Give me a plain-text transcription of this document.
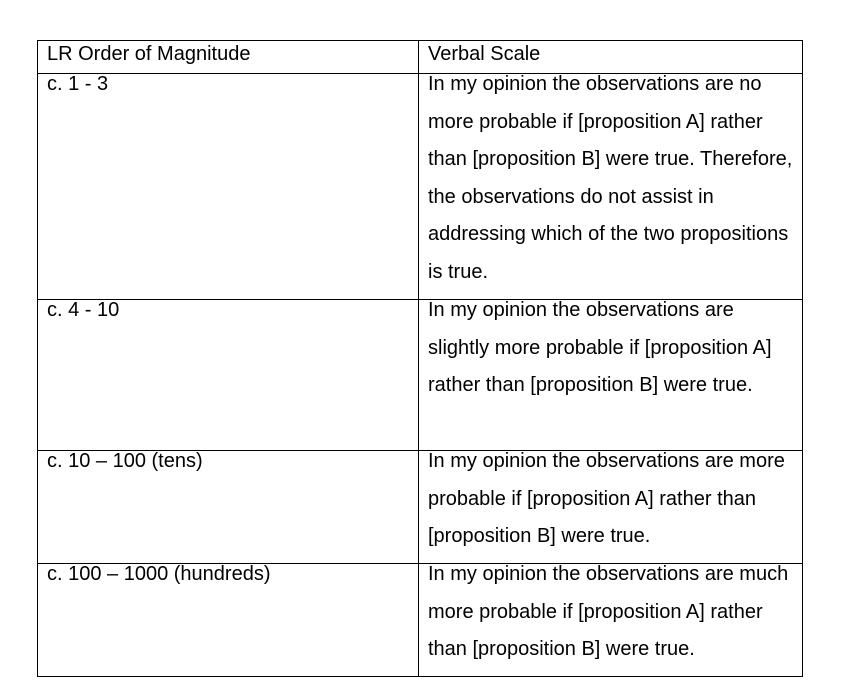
LR Order of Magnitude	Verbal Scale

c. 1 - 3	In my opinion the observations are no more probable if [proposition A] rather than [proposition B] were true. Therefore, the observations do not assist in addressing which of the two propositions is true.

c. 4 - 10	In my opinion the observations are slightly more probable if [proposition A] rather than [proposition B] were true.

c. 10 – 100 (tens)	In my opinion the observations are more probable if [proposition A] rather than [proposition B] were true.

c. 100 – 1000 (hundreds)	In my opinion the observations are much more probable if [proposition A] rather than [proposition B] were true.
